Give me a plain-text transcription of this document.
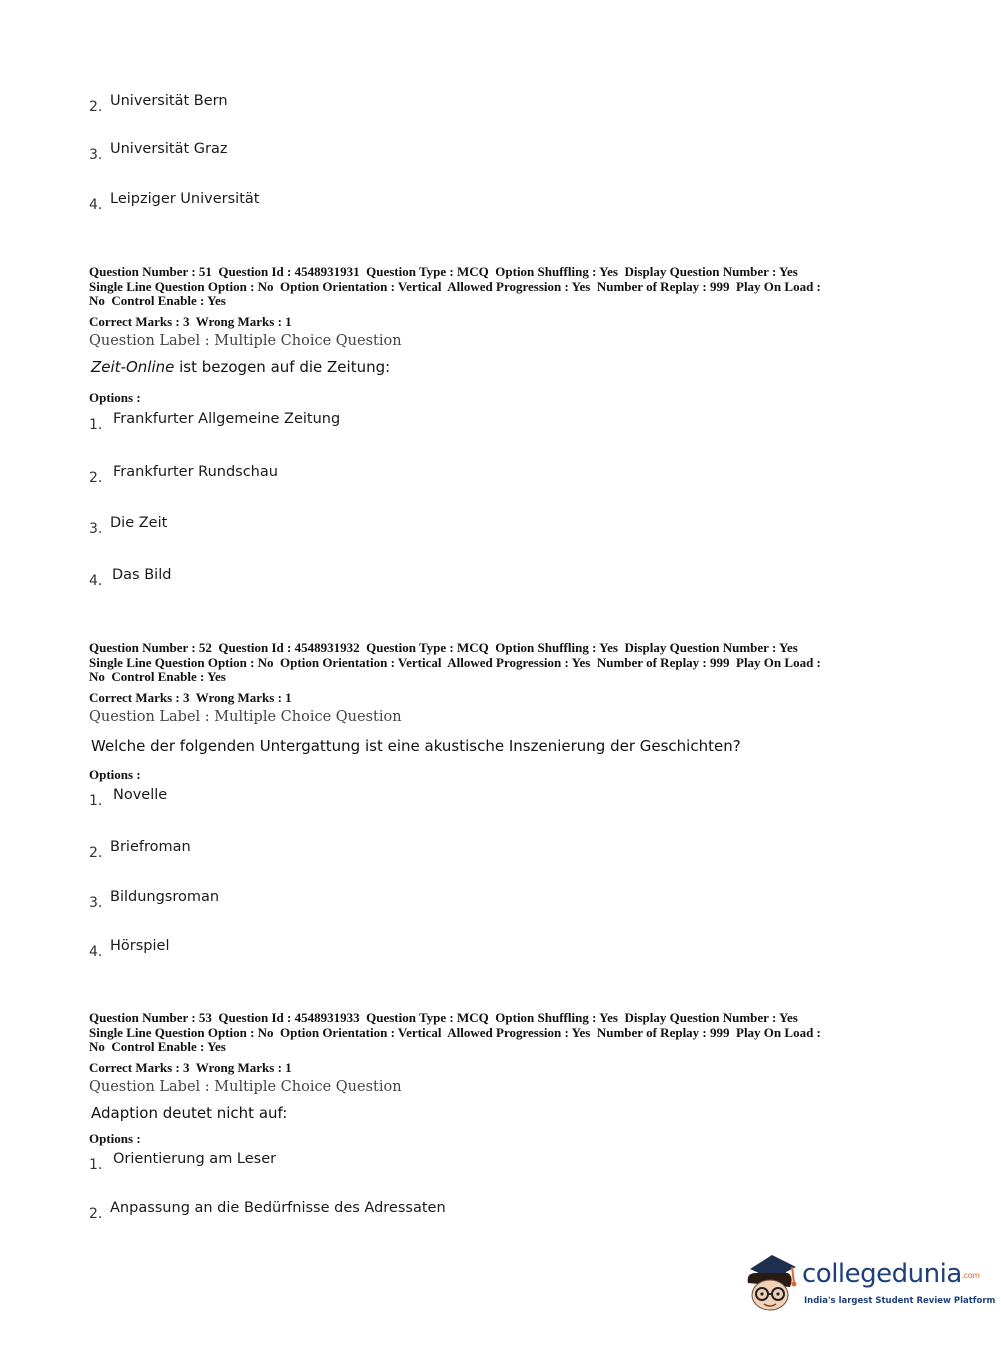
2. Universität Bern
3. Universität Graz
4. Leipziger Universität
Question Number : 51  Question Id : 4548931931  Question Type : MCQ  Option Shuffling : Yes  Display Question Number : Yes
Single Line Question Option : No  Option Orientation : Vertical  Allowed Progression : Yes  Number of Replay : 999  Play On Load :
No  Control Enable : Yes
Correct Marks : 3  Wrong Marks : 1
Question Label : Multiple Choice Question
Zeit-Online ist bezogen auf die Zeitung:
Options :
1. Frankfurter Allgemeine Zeitung
2. Frankfurter Rundschau
3. Die Zeit
4. Das Bild
Question Number : 52  Question Id : 4548931932  Question Type : MCQ  Option Shuffling : Yes  Display Question Number : Yes
Single Line Question Option : No  Option Orientation : Vertical  Allowed Progression : Yes  Number of Replay : 999  Play On Load :
No  Control Enable : Yes
Correct Marks : 3  Wrong Marks : 1
Question Label : Multiple Choice Question
Welche der folgenden Untergattung ist eine akustische Inszenierung der Geschichten?
Options :
1. Novelle
2. Briefroman
3. Bildungsroman
4. Hörspiel
Question Number : 53  Question Id : 4548931933  Question Type : MCQ  Option Shuffling : Yes  Display Question Number : Yes
Single Line Question Option : No  Option Orientation : Vertical  Allowed Progression : Yes  Number of Replay : 999  Play On Load :
No  Control Enable : Yes
Correct Marks : 3  Wrong Marks : 1
Question Label : Multiple Choice Question
Adaption deutet nicht auf:
Options :
1. Orientierung am Leser
2. Anpassung an die Bedürfnisse des Adressaten
collegedunia$^{.com}$
India's largest Student Review Platform
